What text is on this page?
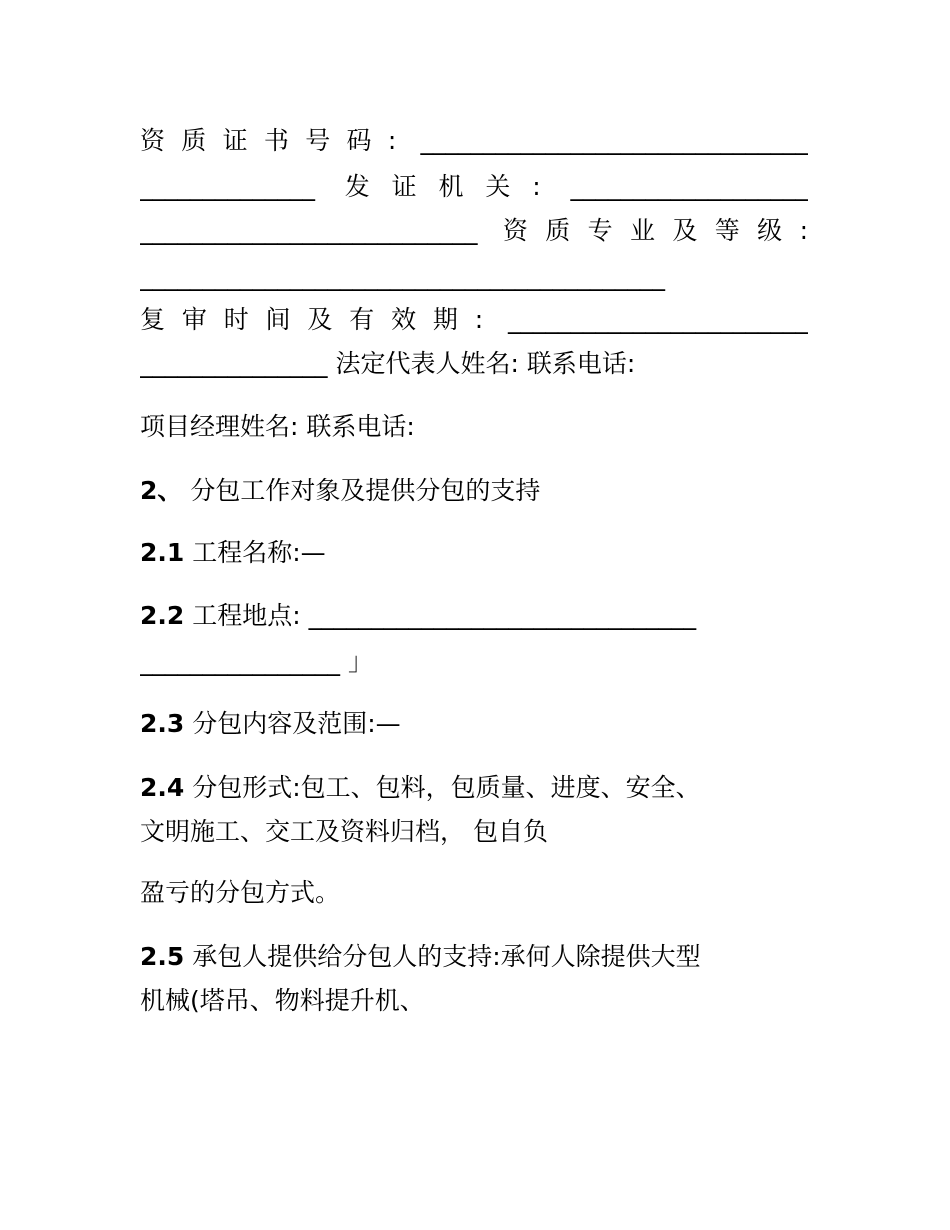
资质证书号码: _______________________________
______________ 发证机关: ___________________
___________________________ 资质专业及等级:
__________________________________________
复审时间及有效期: ________________________
_______________ 法定代表人姓名: 联系电话:
项目经理姓名: 联系电话:
2、 分包工作对象及提供分包的支持
2.1 工程名称:—
2.2 工程地点: _______________________________
________________ 」
2.3 分包内容及范围:—
2.4 分包形式:包工、包料，包质量、进度、安全、
文明施工、交工及资料归档， 包自负
盈亏的分包方式。
2.5 承包人提供给分包人的支持:承何人除提供大型
机械(塔吊、物料提升机、
